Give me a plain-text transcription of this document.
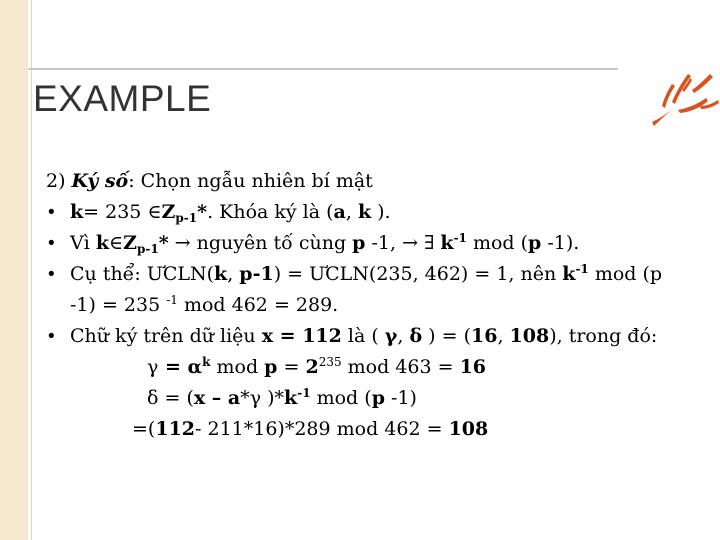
EXAMPLE
2) Ký số: Chọn ngẫu nhiên bí mật
• k= 235 $\in Z_{p-1}*$. Khóa ký là (a, k ).
• Vì $k\in Z_{p-1}*$ → nguyên tố cùng p -1, → ∃ $k^{-1}$ mod (p -1).
• Cụ thể: ƯCLN(k, p-1) = ƯCLN(235, 462) = 1, nên $k^{-1}$ mod (p
-1) = 235 $^{-1}$ mod 462 = 289.
• Chữ ký trên dữ liệu x = 112 là ( γ, δ ) = (16, 108), trong đó:
$\gamma = \alpha^k$ mod $p = 2^{235}$ mod 463 = 16
δ = (x – a*γ )$*k^{-1}$ mod (p -1)
=(112- 211*16)*289 mod 462 = 108
